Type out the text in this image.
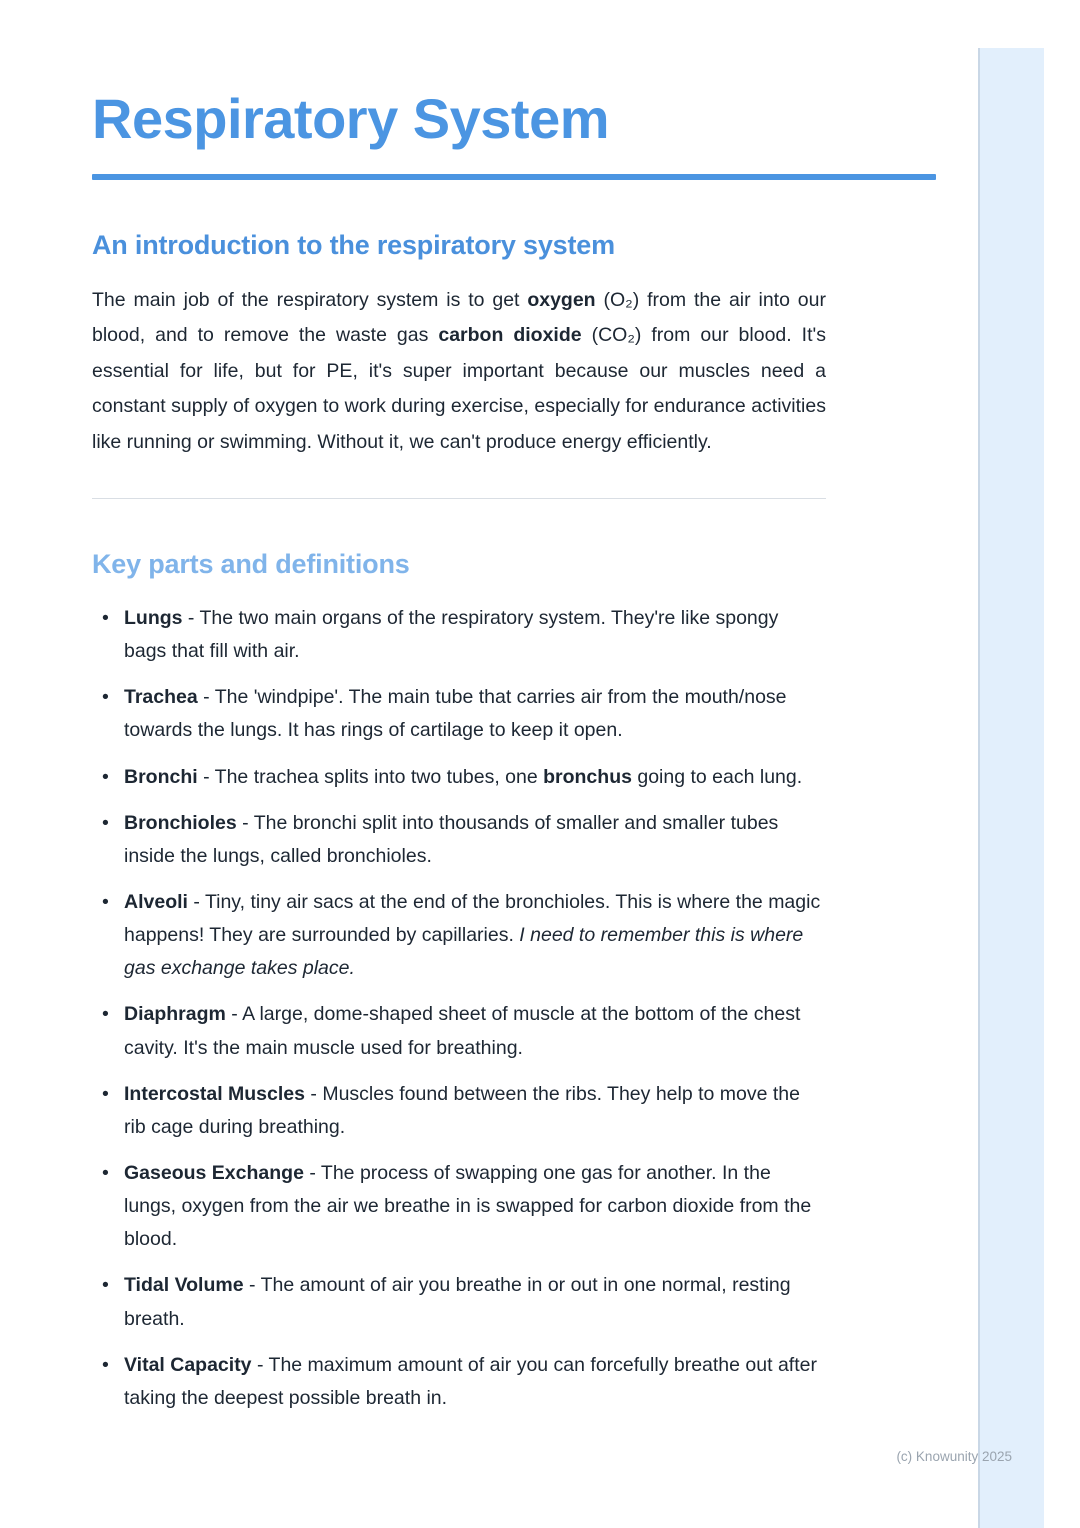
Respiratory System
An introduction to the respiratory system

The main job of the respiratory system is to get oxygen (O₂) from the air into our blood, and to remove the waste gas carbon dioxide (CO₂) from our blood. It's essential for life, but for PE, it's super important because our muscles need a constant supply of oxygen to work during exercise, especially for endurance activities like running or swimming. Without it, we can't produce energy efficiently.

Key parts and definitions
• Lungs - The two main organs of the respiratory system. They're like spongy bags that fill with air.
• Trachea - The 'windpipe'. The main tube that carries air from the mouth/nose towards the lungs. It has rings of cartilage to keep it open.
• Bronchi - The trachea splits into two tubes, one bronchus going to each lung.
• Bronchioles - The bronchi split into thousands of smaller and smaller tubes inside the lungs, called bronchioles.
• Alveoli - Tiny, tiny air sacs at the end of the bronchioles. This is where the magic happens! They are surrounded by capillaries. I need to remember this is where gas exchange takes place.
• Diaphragm - A large, dome-shaped sheet of muscle at the bottom of the chest cavity. It's the main muscle used for breathing.
• Intercostal Muscles - Muscles found between the ribs. They help to move the rib cage during breathing.
• Gaseous Exchange - The process of swapping one gas for another. In the lungs, oxygen from the air we breathe in is swapped for carbon dioxide from the blood.
• Tidal Volume - The amount of air you breathe in or out in one normal, resting breath.
• Vital Capacity - The maximum amount of air you can forcefully breathe out after taking the deepest possible breath in.
(c) Knowunity 2025
